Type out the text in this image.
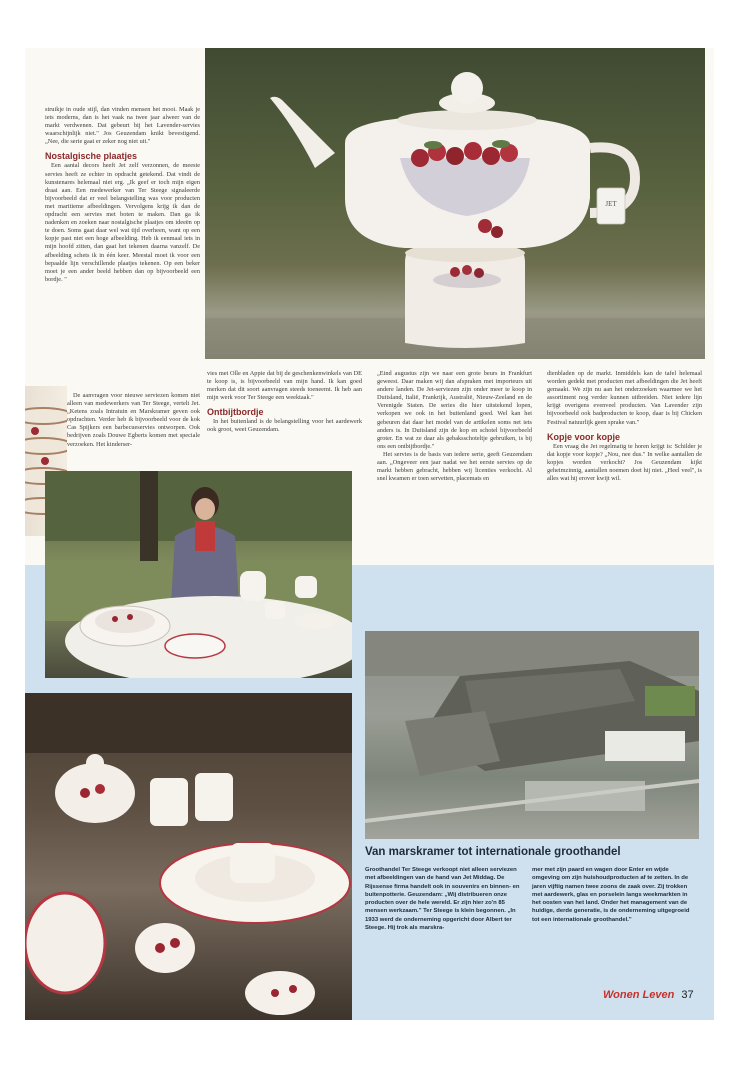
JET

struikje in oude stijl, dan vinden mensen het mooi. Maak je iets moderns, dan is het vaak na twee jaar alweer van de markt verdwenen. Dat gebeurt bij het Lavender-servies waarschijnlijk niet." Jos Geuzendam knikt bevestigend. „Nee, die serie gaat er zeker nog niet uit."

Nostalgische plaatjes

Een aantal decors heeft Jet zelf verzonnen, de meeste servies heeft ze echter in opdracht getekend. Dat vindt de kunstenares helemaal niet erg. „Ik geef er toch mijn eigen draai aan. Een medewerker van Ter Steege signaleerde bijvoorbeeld dat er veel belangstelling was voor producten met maritieme afbeeldingen. Vervolgens krijg ik dan de opdracht een servies met boten te maken. Dan ga ik nadenken en zoeken naar nostalgische plaatjes om ideeën op te doen. Soms gaat daar wel wat tijd overheen, want op een kopje past niet een hoge afbeelding. Heb ik eenmaal iets in mijn hoofd zitten, dan gaat het tekenen daarna vanzelf. De afbeelding schets ik in één keer. Meestal moet ik voor een bepaalde lijn verschillende plaatjes tekenen. Op een beker moet je een ander beeld hebben dan op bijvoorbeeld een bordje. "

De aanvragen voor nieuwe serviezen komen niet alleen van medewerkers van Ter Steege, vertelt Jet. „Ketens zoals Intratuin en Marskramer geven ook opdrachten. Verder heb ik bijvoorbeeld voor de kok Cas Spijkers een barbecueservies ontworpen. Ook bedrijven zoals Douwe Egberts komen met speciale verzoeken. Het kinderser-

vies met Olle en Appie dat bij de geschenkenwinkels van DE te koop is, is bijvoorbeeld van mijn hand. Ik kan goed merken dat dit soort aanvragen steeds toeneemt. Ik heb aan mijn werk voor Ter Steege een weektaak."

Ontbijtbordje

In het buitenland is de belangstelling voor het aardewerk ook groot, weet Geuzendam.

„Eind augustus zijn we naar een grote beurs in Frankfurt geweest. Daar maken wij dan afspraken met importeurs uit andere landen. De Jet-serviezen zijn onder meer te koop in Duitsland, Italië, Frankrijk, Australië, Nieuw-Zeeland en de Verenigde Staten. De series die hier uitstekend lopen, verkopen we ook in het buitenland goed. Wel kan het gebeuren dat daar het model van de artikelen soms net iets anders is. In Duitsland zijn de kop en schotel bijvoorbeeld groter. En wat ze daar als gebaksschoteltje gebruiken, is bij ons een ontbijtbordje."

Het servies is de basis van iedere serie, geeft Geuzendam aan. „Ongeveer een jaar nadat we het eerste servies op de markt hebben gebracht, hebben wij licenties verkocht. Al snel kwamen er toen servetten, placemats en

dienbladen op de markt. Inmiddels kan de tafel helemaal worden gedekt met producten met afbeeldingen die Jet heeft gemaakt. We zijn nu aan het onderzoeken waarmee we het assortiment nog verder kunnen uitbreiden. Niet iedere lijn krijgt overigens evenveel producten. Van Lavender zijn bijvoorbeeld ook badproducten te koop, daar is bij Chicken Festival natuurlijk geen sprake van."

Kopje voor kopje

Een vraag die Jet regelmatig te horen krijgt is: Schilder je dat kopje voor kopje? „Nou, nee dus." In welke aantallen de kopjes worden verkocht? Jos Geuzendam kijkt geheimzinnig, aantallen noemen doet hij niet. „Heel veel", is alles wat hij erover kwijt wil.

Van marskramer tot internationale groothandel
Groothandel Ter Steege verkoopt niet alleen serviezen met afbeeldingen van de hand van Jet Middag. De Rijssense firma handelt ook in souvenirs en binnen- en buitenpotterie. Geuzendam: „Wij distribueren onze producten over de hele wereld. Er zijn hier zo'n 85 mensen werkzaam." Ter Steege is klein begonnen. „In 1933 werd de onderneming opgericht door Albert ter Steege. Hij trok als marskra-
mer met zijn paard en wagen door Enter en wijde omgeving om zijn huishoudproducten af te zetten. In de jaren vijftig namen twee zoons de zaak over. Zij trokken met aardewerk, glas en porselein langs weekmarkten in het oosten van het land. Onder het management van de huidige, derde generatie, is de onderneming uitgegroeid tot een internationale groothandel."
Wonen Leven 37
